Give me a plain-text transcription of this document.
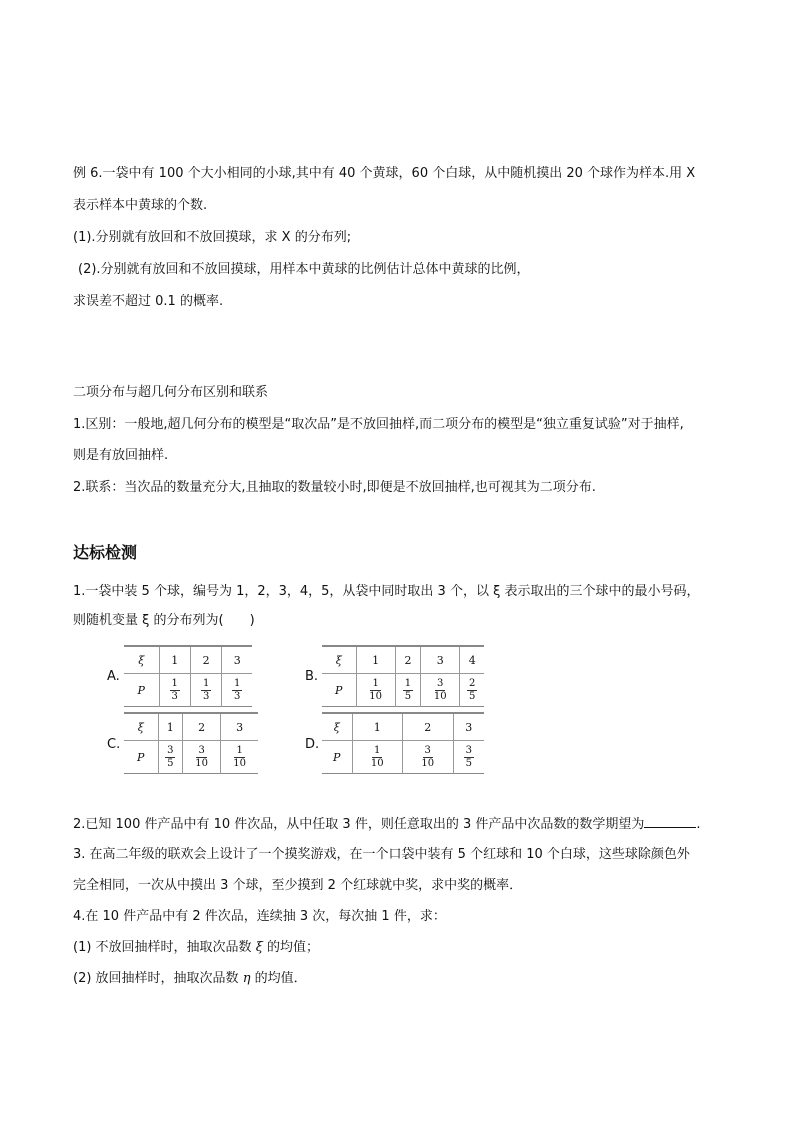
例 6.一袋中有 100 个大小相同的小球,其中有 40 个黄球，60 个白球，从中随机摸出 20 个球作为样本.用 X
表示样本中黄球的个数.
(1).分别就有放回和不放回摸球，求 X 的分布列;
(2).分别就有放回和不放回摸球，用样本中黄球的比例估计总体中黄球的比例，
求误差不超过 0.1 的概率.
二项分布与超几何分布区别和联系
1.区别：一般地,超几何分布的模型是“取次品”是不放回抽样,而二项分布的模型是“独立重复试验”对于抽样,
则是有放回抽样.
2.联系：当次品的数量充分大,且抽取的数量较小时,即便是不放回抽样,也可视其为二项分布.
达标检测
1.一袋中装 5 个球，编号为 1，2，3，4，5，从袋中同时取出 3 个，以 ξ 表示取出的三个球中的最小号码，
则随机变量 ξ 的分布列为(　　)
A.	B.
C.	D.
ξ	1	2	3
P	$\frac{1}{3}$	$\frac{1}{3}$	$\frac{1}{3}$
ξ	1	2	3	4
P	$\frac{1}{10}$	$\frac{1}{5}$	$\frac{3}{10}$	$\frac{2}{5}$
ξ	1	2	3
P	$\frac{3}{5}$	$\frac{3}{10}$	$\frac{1}{10}$
ξ	1	2	3
P	$\frac{1}{10}$	$\frac{3}{10}$	$\frac{3}{5}$
2.已知 100 件产品中有 10 件次品，从中任取 3 件，则任意取出的 3 件产品中次品数的数学期望为	.
3. 在高二年级的联欢会上设计了一个摸奖游戏，在一个口袋中装有 5 个红球和 10 个白球，这些球除颜色外
完全相同，一次从中摸出 3 个球，至少摸到 2 个红球就中奖，求中奖的概率．
4.在 10 件产品中有 2 件次品，连续抽 3 次，每次抽 1 件，求：
(1) 不放回抽样时，抽取次品数 ξ 的均值；
(2) 放回抽样时，抽取次品数 η 的均值．
